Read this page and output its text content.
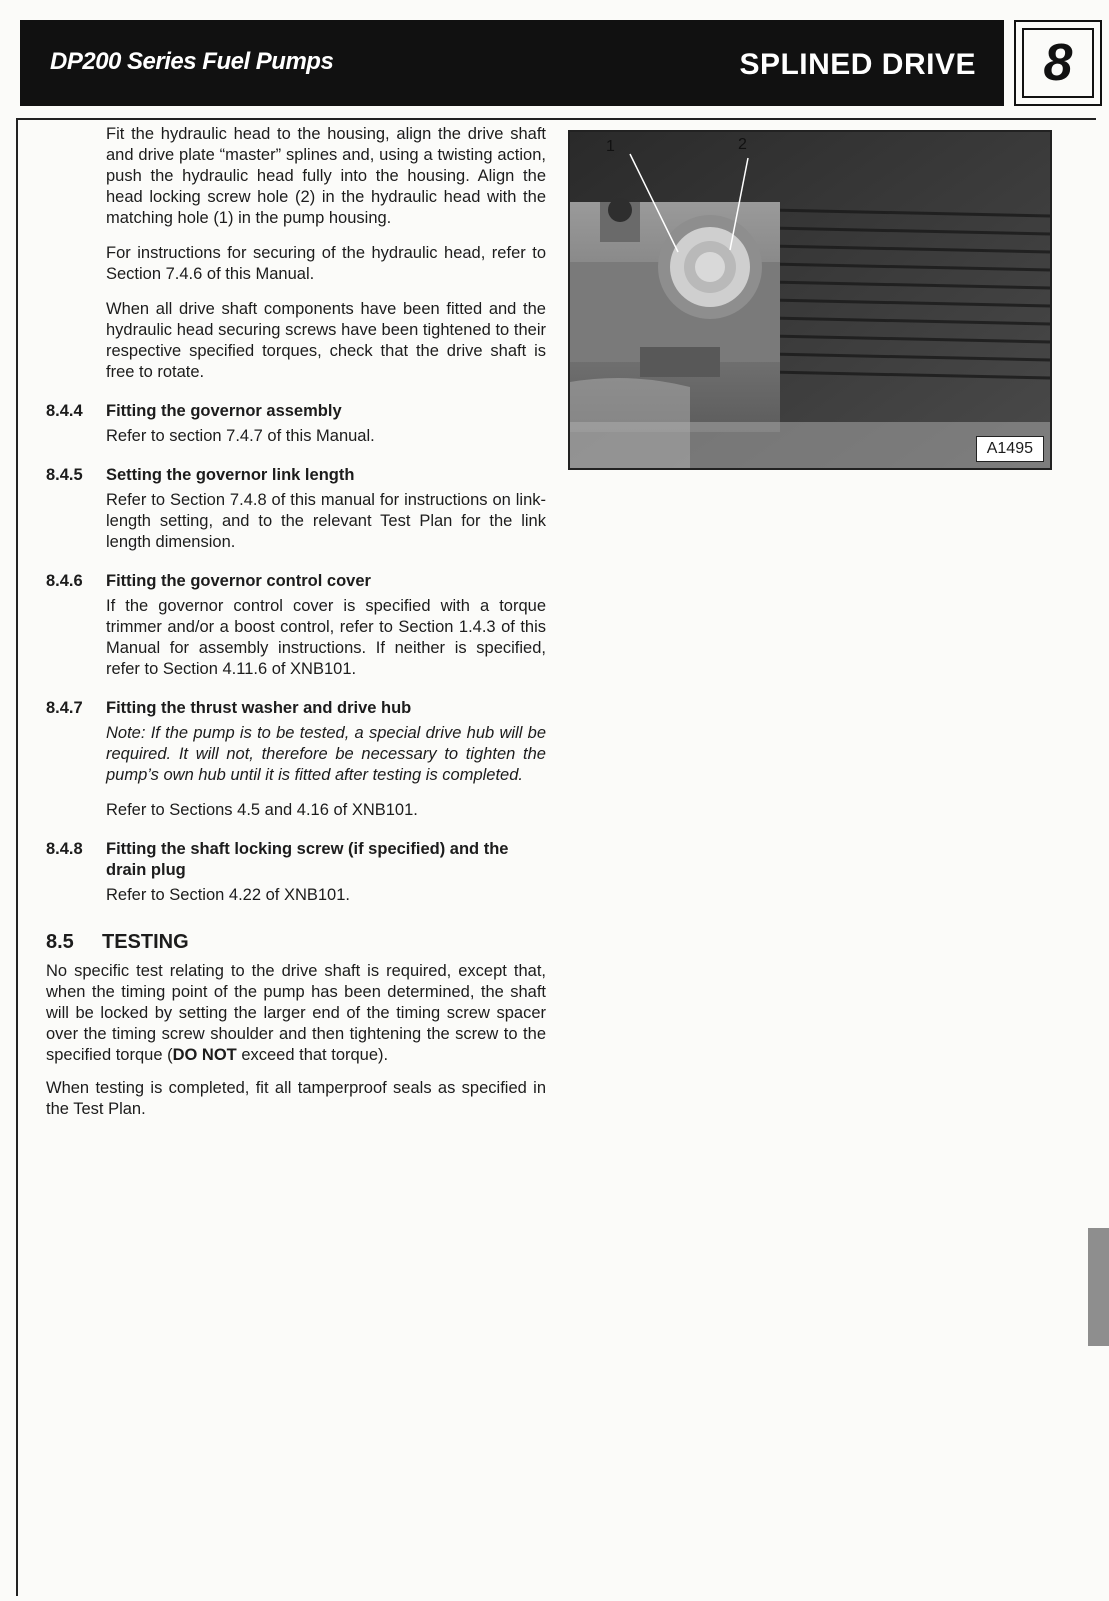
DP200 Series Fuel Pumps	SPLINED DRIVE	8

Fit the hydraulic head to the housing, align the drive shaft and drive plate “master” splines and, using a twisting action, push the hydraulic head fully into the housing. Align the head locking screw hole (2) in the hydraulic head with the matching hole (1) in the pump housing.

For instructions for securing of the hydraulic head, refer to Section 7.4.6 of this Manual.

When all drive shaft components have been fitted and the hydraulic head securing screws have been tightened to their respective specified torques, check that the drive shaft is free to rotate.

8.4.4	Fitting the governor assembly

Refer to section 7.4.7 of this Manual.

8.4.5	Setting the governor link length

Refer to Section 7.4.8 of this manual for instructions on link-length setting, and to the relevant Test Plan for the link length dimension.

8.4.6	Fitting the governor control cover

If the governor control cover is specified with a torque trimmer and/or a boost control, refer to Section 1.4.3 of this Manual for assembly instructions. If neither is specified, refer to Section 4.11.6 of XNB101.

8.4.7	Fitting the thrust washer and drive hub

Note: If the pump is to be tested, a special drive hub will be required. It will not, therefore be necessary to tighten the pump’s own hub until it is fitted after testing is completed.

Refer to Sections 4.5 and 4.16 of XNB101.

8.4.8	Fitting the shaft locking screw (if specified) and the drain plug

Refer to Section 4.22 of XNB101.

8.5	TESTING

No specific test relating to the drive shaft is required, except that, when the timing point of the pump has been determined, the shaft will be locked by setting the larger end of the timing screw spacer over the timing screw shoulder and then tightening the screw to the specified torque (DO NOT exceed that torque).

When testing is completed, fit all tamperproof seals as specified in the Test Plan.

1	2
A1495
